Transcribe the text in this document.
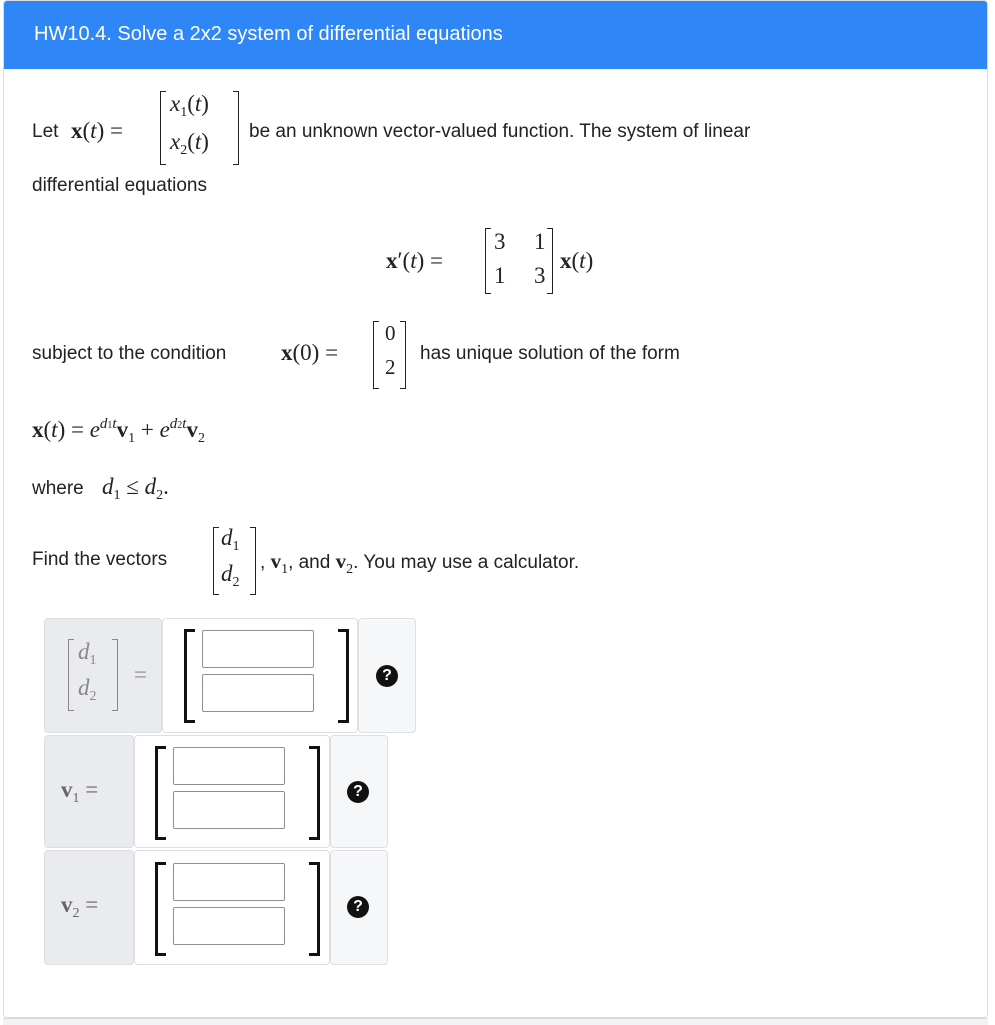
HW10.4. Solve a 2x2 system of differential equations
Let x(t) =
$x_1(t)$
$x_2(t)$ be an unknown vector-valued function. The system of linear
differential equations
x′(t) =
3 1
1 3
x(t)
subject to the condition x(0) =
0
2
has unique solution of the form
$x(t) = e^{d1t}v_1 + e^{d2t}v_2$
where $d_1 \le d_2$.
Find the vectors
$d_1$
$d_2$
, $v_1$, and $v_2$. You may use a calculator.
$d_1$
$d_2$
=	?
$v_1$ =	?
$v_2$ =	?
